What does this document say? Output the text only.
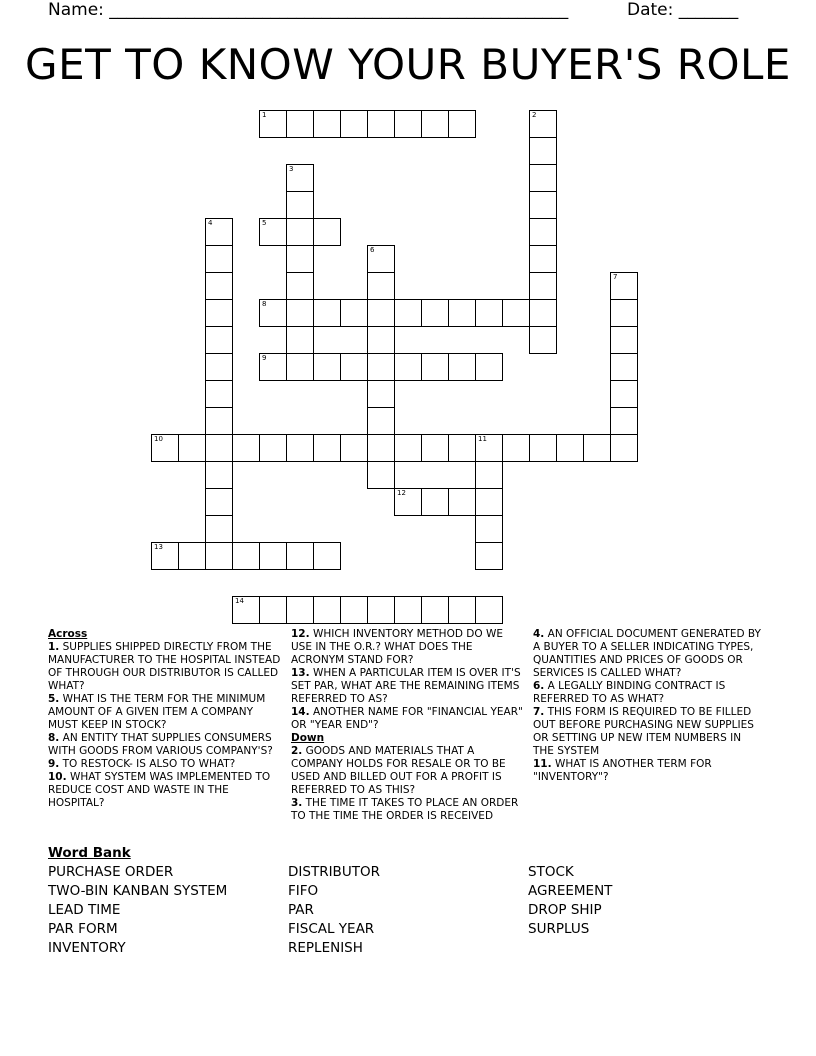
Name: ______________________________________________________	Date: _______
GET TO KNOW YOUR BUYER'S ROLE
1	2
3
4	5
6
7
8
9
10	11
12
13
14
Across
1. SUPPLIES SHIPPED DIRECTLY FROM THE MANUFACTURER TO THE HOSPITAL INSTEAD OF THROUGH OUR DISTRIBUTOR IS CALLED WHAT?
5. WHAT IS THE TERM FOR THE MINIMUM AMOUNT OF A GIVEN ITEM A COMPANY MUST KEEP IN STOCK?
8. AN ENTITY THAT SUPPLIES CONSUMERS WITH GOODS FROM VARIOUS COMPANY'S?
9. TO RESTOCK- IS ALSO TO WHAT?
10. WHAT SYSTEM WAS IMPLEMENTED TO REDUCE COST AND WASTE IN THE HOSPITAL?
12. WHICH INVENTORY METHOD DO WE USE IN THE O.R.? WHAT DOES THE ACRONYM STAND FOR?
13. WHEN A PARTICULAR ITEM IS OVER IT'S SET PAR, WHAT ARE THE REMAINING ITEMS REFERRED TO AS?
14. ANOTHER NAME FOR "FINANCIAL YEAR" OR "YEAR END"?
Down
2. GOODS AND MATERIALS THAT A COMPANY HOLDS FOR RESALE OR TO BE USED AND BILLED OUT FOR A PROFIT IS REFERRED TO AS THIS?
3. THE TIME IT TAKES TO PLACE AN ORDER TO THE TIME THE ORDER IS RECEIVED
4. AN OFFICIAL DOCUMENT GENERATED BY A BUYER TO A SELLER INDICATING TYPES, QUANTITIES AND PRICES OF GOODS OR SERVICES IS CALLED WHAT?
6. A LEGALLY BINDING CONTRACT IS REFERRED TO AS WHAT?
7. THIS FORM IS REQUIRED TO BE FILLED OUT BEFORE PURCHASING NEW SUPPLIES OR SETTING UP NEW ITEM NUMBERS IN THE SYSTEM
11. WHAT IS ANOTHER TERM FOR "INVENTORY"?
Word Bank
PURCHASE ORDER
TWO-BIN KANBAN SYSTEM
LEAD TIME
PAR FORM
INVENTORY
DISTRIBUTOR
FIFO
PAR
FISCAL YEAR
REPLENISH
STOCK
AGREEMENT
DROP SHIP
SURPLUS
